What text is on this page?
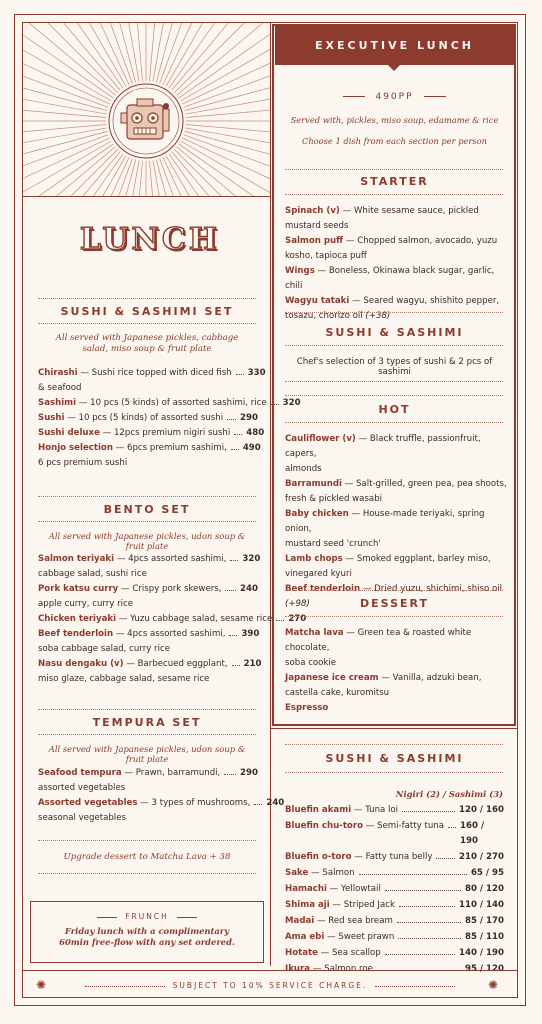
LUNCH
SUSHI & SASHIMI SET
All served with Japanese pickles, cabbage salad, miso soup & fruit plate
Chirashi — Sushi rice topped with diced fish 330
& seafood
Sashimi — 10 pcs (5 kinds) of assorted sashimi, rice 320
Sushi — 10 pcs (5 kinds) of assorted sushi 290
Sushi deluxe — 12pcs premium nigiri sushi 480
Honjo selection — 6pcs premium sashimi, 490
6 pcs premium sushi
BENTO SET
All served with Japanese pickles, udon soup & fruit plate
Salmon teriyaki — 4pcs assorted sashimi, 320
cabbage salad, sushi rice
Pork katsu curry — Crispy pork skewers, 240
apple curry, curry rice
Chicken teriyaki — Yuzu cabbage salad, sesame rice 270
Beef tenderloin — 4pcs assorted sashimi, 390
soba cabbage salad, curry rice
Nasu dengaku (v) — Barbecued eggplant, 210
miso glaze, cabbage salad, sesame rice
TEMPURA SET
All served with Japanese pickles, udon soup & fruit plate
Seafood tempura — Prawn, barramundi, 290
assorted vegetables
Assorted vegetables — 3 types of mushrooms, 240
seasonal vegetables
Upgrade dessert to Matcha Lava + 38
FRUNCH
Friday lunch with a complimentary 60min free-flow with any set ordered.
EXECUTIVE LUNCH
490PP
Served with, pickles, miso soup, edamame & rice
Choose 1 dish from each section per person
STARTER
Spinach (v) — White sesame sauce, pickled mustard seeds
Salmon puff — Chopped salmon, avocado, yuzu
kosho, tapioca puff
Wings — Boneless, Okinawa black sugar, garlic, chili
Wagyu tataki — Seared wagyu, shishito pepper,
tosazu, chorizo oil (+38)
SUSHI & SASHIMI
Chef's selection of 3 types of sushi & 2 pcs of sashimi
HOT
Cauliflower (v) — Black truffle, passionfruit, capers,
almonds
Barramundi — Salt-grilled, green pea, pea shoots,
fresh & pickled wasabi
Baby chicken — House-made teriyaki, spring onion,
mustard seed 'crunch'
Lamb chops — Smoked eggplant, barley miso,
vinegared kyuri
Beef tenderloin — Dried yuzu, shichimi, shiso oil (+98)	DESSERT
Matcha lava — Green tea & roasted white chocolate,
soba cookie
Japanese ice cream — Vanilla, adzuki bean,
castella cake, kuromitsu
Espresso
SUSHI & SASHIMI
Nigiri (2) / Sashimi (3)
Bluefin akami — Tuna loi	120 / 160
Bluefin chu-toro — Semi-fatty tuna 160 / 190
Bluefin o-toro — Fatty tuna belly	210 / 270
Sake — Salmon	65 / 95
Hamachi — Yellowtail	80 / 120
Shima aji — Striped Jack	110 / 140
Madai — Red sea bream	85 / 170
Ama ebi — Sweet prawn	85 / 110
Hotate — Sea scallop	140 / 190
Ikura — Salmon roe	95 / 120
✺	✺
SUBJECT TO 10% SERVICE CHARGE.
